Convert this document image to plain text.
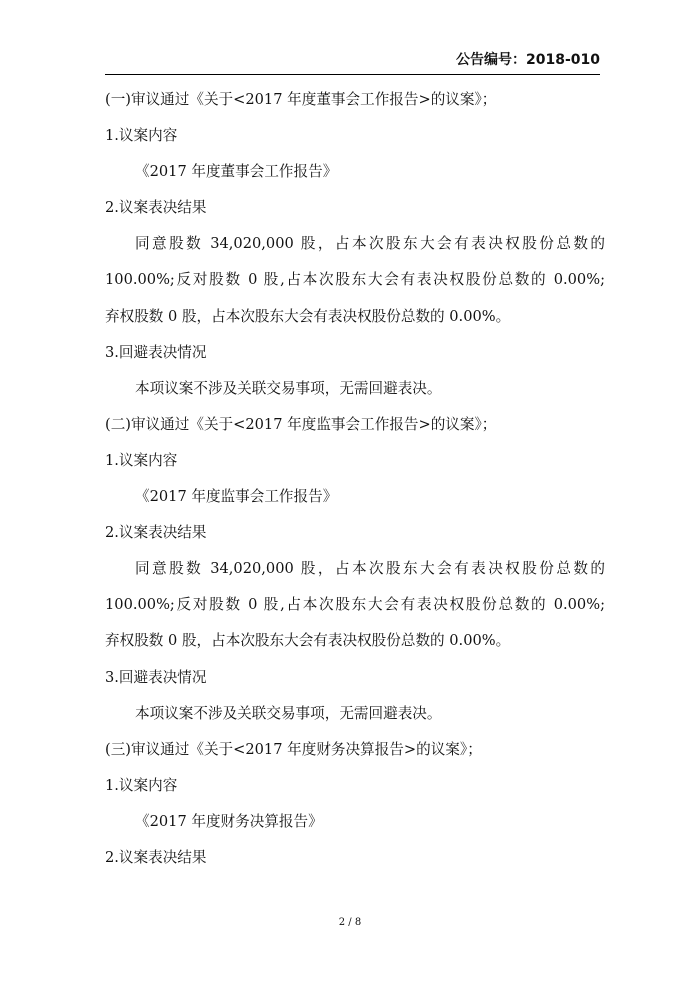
公告编号：2018-010
(一)审议通过《关于<2017 年度董事会工作报告>的议案》；
1.议案内容
《2017 年度董事会工作报告》
2.议案表决结果
同意股数 34,020,000 股，占本次股东大会有表决权股份总数的
100.00%;反对股数 0 股,占本次股东大会有表决权股份总数的 0.00%;
弃权股数 0 股，占本次股东大会有表决权股份总数的 0.00%。
3.回避表决情况
本项议案不涉及关联交易事项，无需回避表决。
(二)审议通过《关于<2017 年度监事会工作报告>的议案》；
1.议案内容
《2017 年度监事会工作报告》
2.议案表决结果
同意股数 34,020,000 股，占本次股东大会有表决权股份总数的
100.00%;反对股数 0 股,占本次股东大会有表决权股份总数的 0.00%;
弃权股数 0 股，占本次股东大会有表决权股份总数的 0.00%。
3.回避表决情况
本项议案不涉及关联交易事项，无需回避表决。
(三)审议通过《关于<2017 年度财务决算报告>的议案》；
1.议案内容
《2017 年度财务决算报告》
2.议案表决结果
2 / 8
